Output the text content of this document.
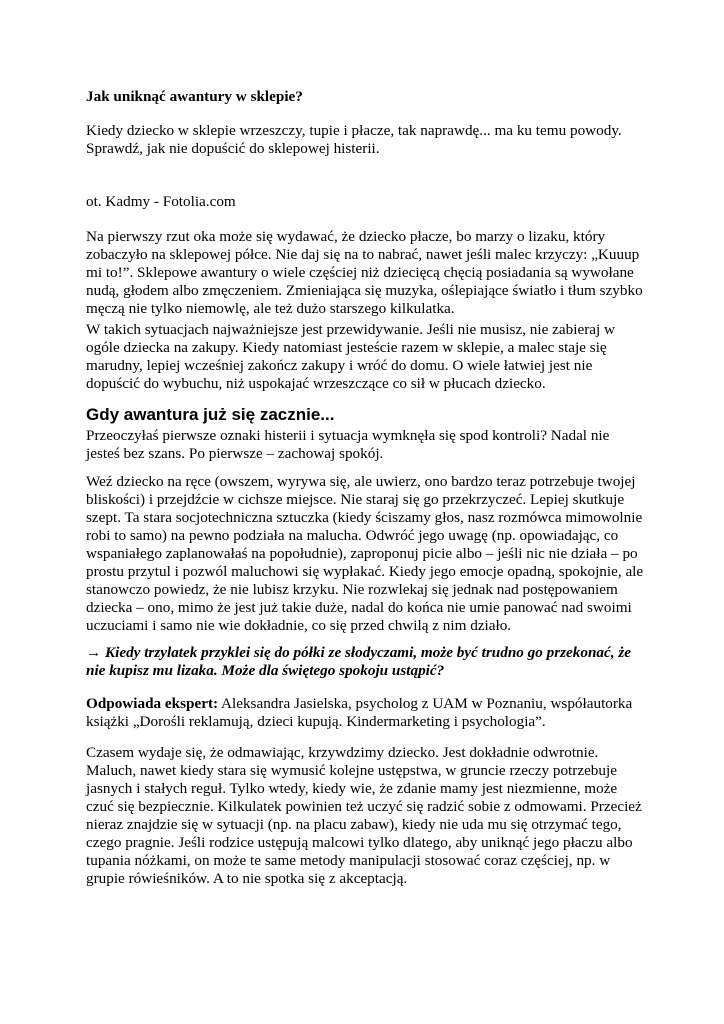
Jak uniknąć awantury w sklepie?

Kiedy dziecko w sklepie wrzeszczy, tupie i płacze, tak naprawdę... ma ku temu powody. Sprawdź, jak nie dopuścić do sklepowej histerii.

ot. Kadmy - Fotolia.com

Na pierwszy rzut oka może się wydawać, że dziecko płacze, bo marzy o lizaku, który zobaczyło na sklepowej półce. Nie daj się na to nabrać, nawet jeśli malec krzyczy: „Kuuup mi to!”. Sklepowe awantury o wiele częściej niż dziecięcą chęcią posiadania są wywołane nudą, głodem albo zmęczeniem. Zmieniająca się muzyka, oślepiające światło i tłum szybko męczą nie tylko niemowlę, ale też dużo starszego kilkulatka.

W takich sytuacjach najważniejsze jest przewidywanie. Jeśli nie musisz, nie zabieraj w ogóle dziecka na zakupy. Kiedy natomiast jesteście razem w sklepie, a malec staje się marudny, lepiej wcześniej zakończ zakupy i wróć do domu. O wiele łatwiej jest nie dopuścić do wybuchu, niż uspokajać wrzeszczące co sił w płucach dziecko.

Gdy awantura już się zacznie...

Przeoczyłaś pierwsze oznaki histerii i sytuacja wymknęła się spod kontroli? Nadal nie jesteś bez szans. Po pierwsze – zachowaj spokój.

Weź dziecko na ręce (owszem, wyrywa się, ale uwierz, ono bardzo teraz potrzebuje twojej bliskości) i przejdźcie w cichsze miejsce. Nie staraj się go przekrzyczeć. Lepiej skutkuje szept. Ta stara socjotechniczna sztuczka (kiedy ściszamy głos, nasz rozmówca mimowolnie robi to samo) na pewno podziała na malucha. Odwróć jego uwagę (np. opowiadając, co wspaniałego zaplanowałaś na popołudnie), zaproponuj picie albo – jeśli nic nie działa – po prostu przytul i pozwól maluchowi się wypłakać. Kiedy jego emocje opadną, spokojnie, ale stanowczo powiedz, że nie lubisz krzyku. Nie rozwlekaj się jednak nad postępowaniem dziecka – ono, mimo że jest już takie duże, nadal do końca nie umie panować nad swoimi uczuciami i samo nie wie dokładnie, co się przed chwilą z nim działo.

→ Kiedy trzylatek przyklei się do półki ze słodyczami, może być trudno go przekonać, że nie kupisz mu lizaka. Może dla świętego spokoju ustąpić?

Odpowiada ekspert: Aleksandra Jasielska, psycholog z UAM w Poznaniu, współautorka książki „Dorośli reklamują, dzieci kupują. Kindermarketing i psychologia”.

Czasem wydaje się, że odmawiając, krzywdzimy dziecko. Jest dokładnie odwrotnie. Maluch, nawet kiedy stara się wymusić kolejne ustępstwa, w gruncie rzeczy potrzebuje jasnych i stałych reguł. Tylko wtedy, kiedy wie, że zdanie mamy jest niezmienne, może czuć się bezpiecznie. Kilkulatek powinien też uczyć się radzić sobie z odmowami. Przecież nieraz znajdzie się w sytuacji (np. na placu zabaw), kiedy nie uda mu się otrzymać tego, czego pragnie. Jeśli rodzice ustępują malcowi tylko dlatego, aby uniknąć jego płaczu albo tupania nóżkami, on może te same metody manipulacji stosować coraz częściej, np. w grupie rówieśników. A to nie spotka się z akceptacją.
